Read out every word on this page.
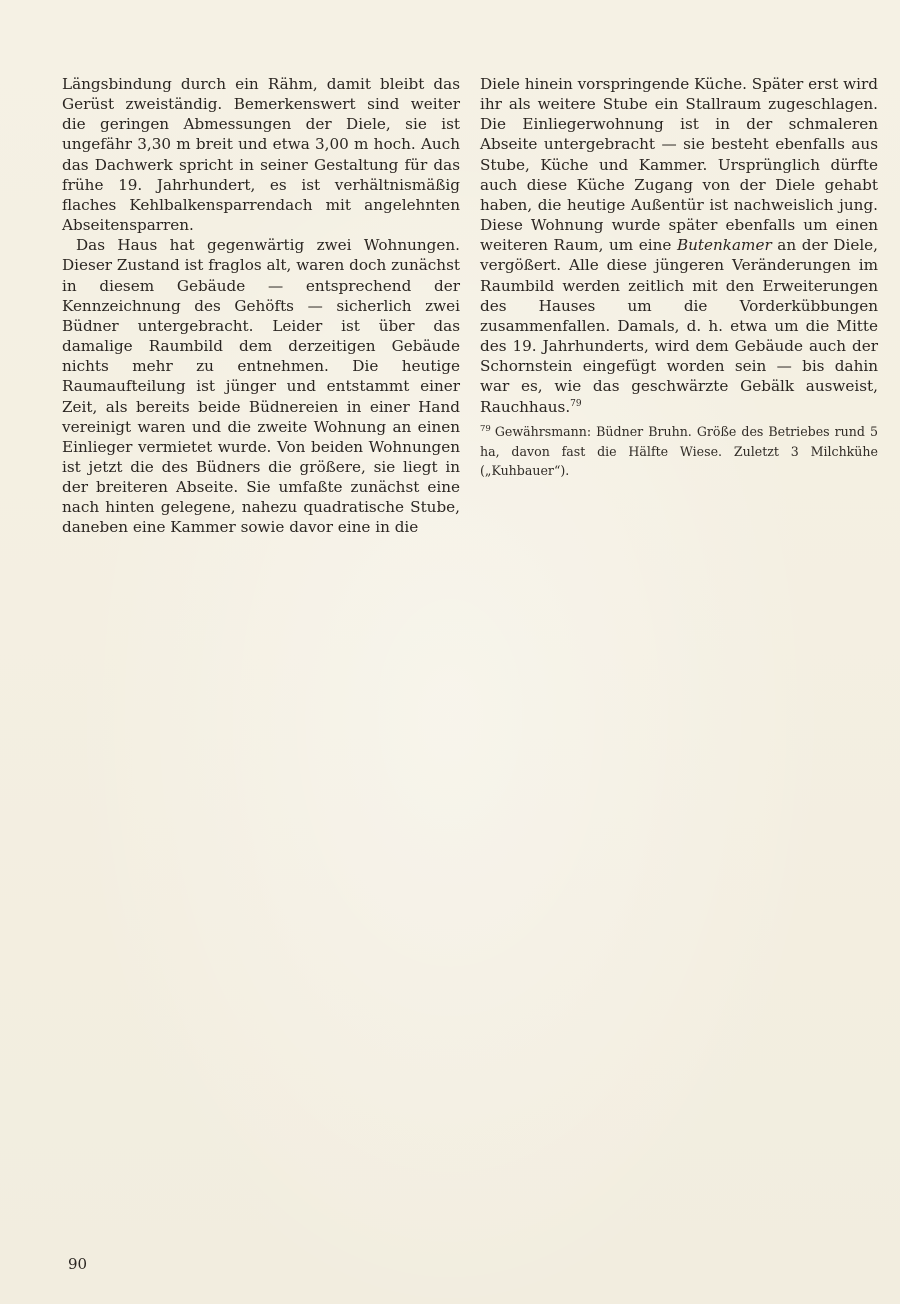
Längsbindung durch ein Rähm, damit bleibt das Gerüst zweiständig. Bemerkenswert sind weiter die geringen Abmessungen der Diele, sie ist ungefähr 3,30 m breit und etwa 3,00 m hoch. Auch das Dachwerk spricht in seiner Gestaltung für das frühe 19. Jahrhundert, es ist verhältnismäßig flaches Kehlbalkensparrendach mit angelehnten Abseitensparren.

Das Haus hat gegenwärtig zwei Wohnungen. Dieser Zustand ist fraglos alt, waren doch zunächst in diesem Gebäude — entsprechend der Kennzeichnung des Gehöfts — sicherlich zwei Büdner untergebracht. Leider ist über das damalige Raumbild dem derzeitigen Gebäude nichts mehr zu entnehmen. Die heutige Raumaufteilung ist jünger und entstammt einer Zeit, als bereits beide Büdnereien in einer Hand vereinigt waren und die zweite Wohnung an einen Einlieger vermietet wurde. Von beiden Wohnungen ist jetzt die des Büdners die größere, sie liegt in der breiteren Abseite. Sie umfaßte zunächst eine nach hinten gelegene, nahezu quadratische Stube, daneben eine Kammer sowie davor eine in die

Diele hinein vorspringende Küche. Später erst wird ihr als weitere Stube ein Stallraum zugeschlagen. Die Einliegerwohnung ist in der schmaleren Abseite untergebracht — sie besteht ebenfalls aus Stube, Küche und Kammer. Ursprünglich dürfte auch diese Küche Zugang von der Diele gehabt haben, die heutige Außentür ist nachweislich jung. Diese Wohnung wurde später ebenfalls um einen weiteren Raum, um eine Butenkamer an der Diele, vergößert. Alle diese jüngeren Veränderungen im Raumbild werden zeitlich mit den Erweiterungen des Hauses um die Vorderkübbungen zusammenfallen. Damals, d. h. etwa um die Mitte des 19. Jahrhunderts, wird dem Gebäude auch der Schornstein eingefügt worden sein — bis dahin war es, wie das geschwärzte Gebälk ausweist, Rauchhaus.$^{79}$

$^{79}$ Gewährsmann: Büdner Bruhn. Größe des Betriebes rund 5 ha, davon fast die Hälfte Wiese. Zuletzt 3 Milchkühe („Kuhbauer“).
90
